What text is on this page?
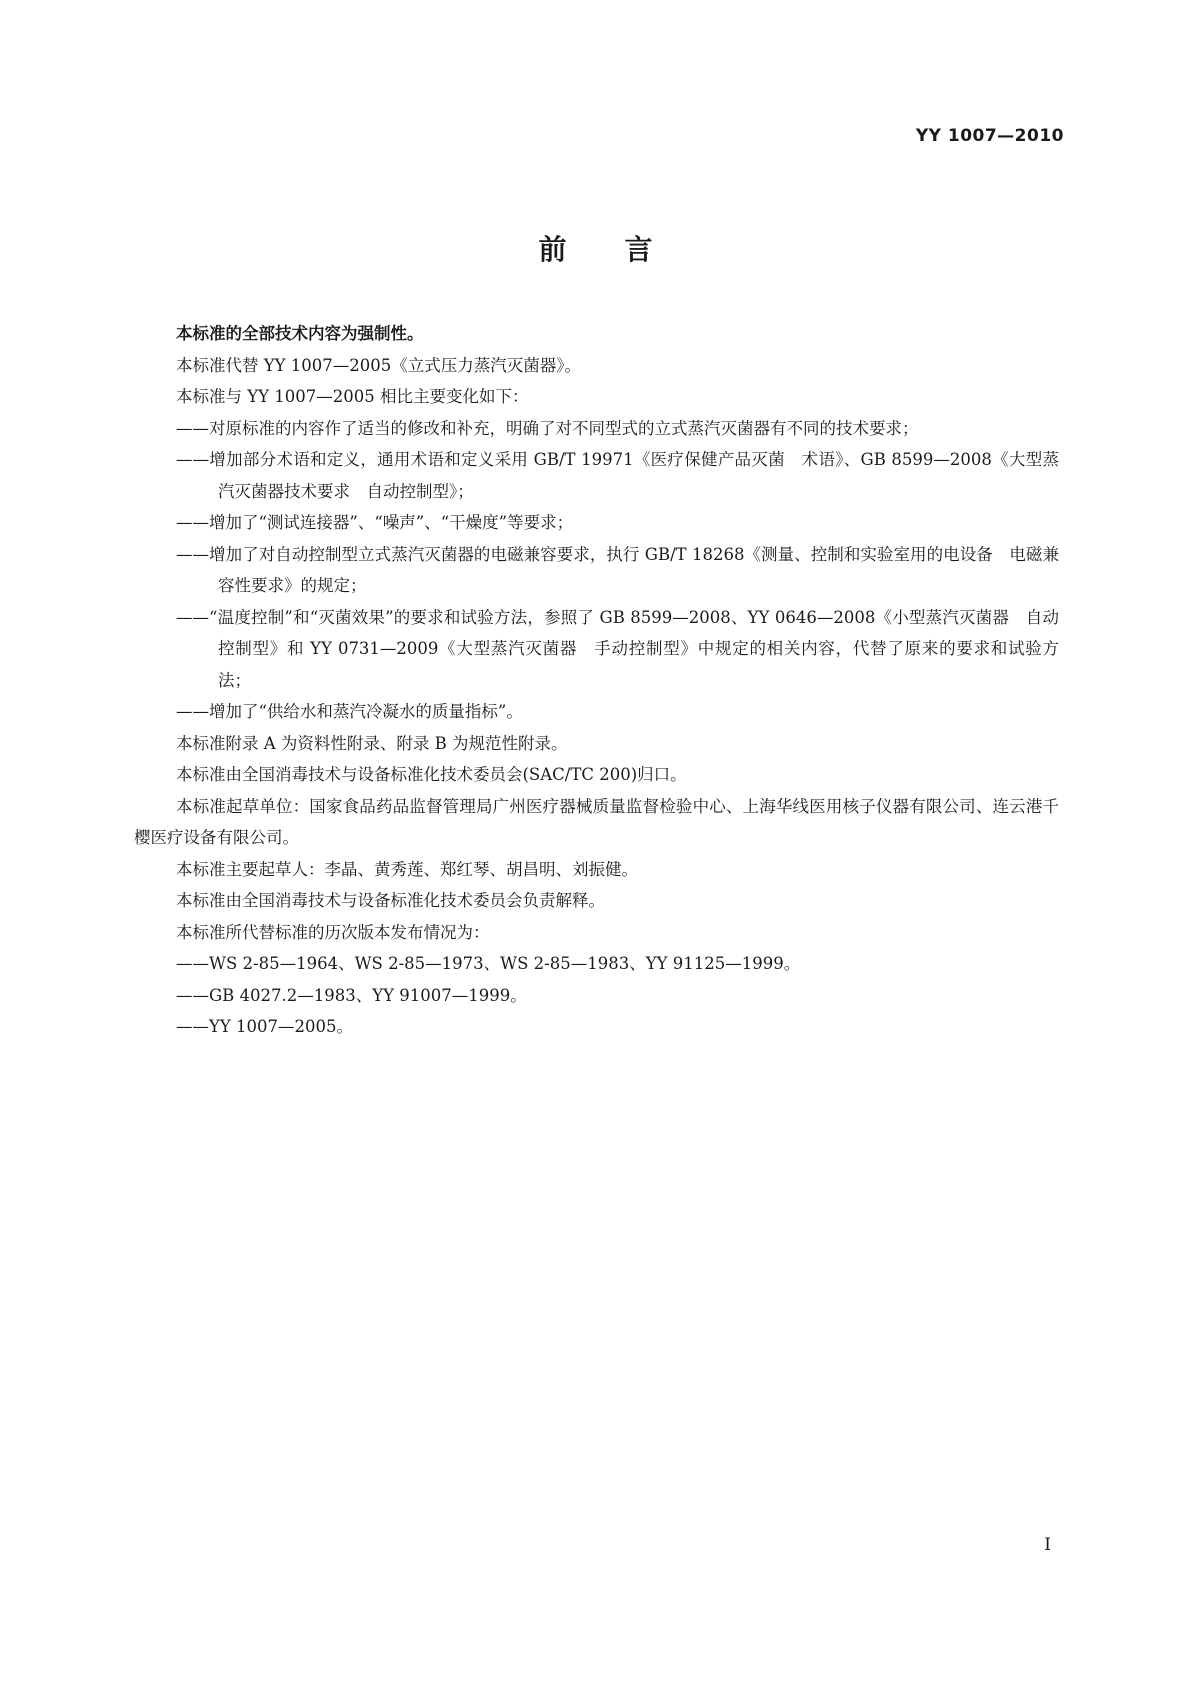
YY 1007—2010
前言

本标准的全部技术内容为强制性。

本标准代替 YY 1007—2005《立式压力蒸汽灭菌器》。

本标准与 YY 1007—2005 相比主要变化如下：

——对原标准的内容作了适当的修改和补充，明确了对不同型式的立式蒸汽灭菌器有不同的技术要求；

——增加部分术语和定义，通用术语和定义采用 GB/T 19971《医疗保健产品灭菌　术语》、GB 8599—2008《大型蒸汽灭菌器技术要求　自动控制型》；

——增加了“测试连接器”、“噪声”、“干燥度”等要求；

——增加了对自动控制型立式蒸汽灭菌器的电磁兼容要求，执行 GB/T 18268《测量、控制和实验室用的电设备　电磁兼容性要求》的规定；

——“温度控制”和“灭菌效果”的要求和试验方法，参照了 GB 8599—2008、YY 0646—2008《小型蒸汽灭菌器　自动控制型》和 YY 0731—2009《大型蒸汽灭菌器　手动控制型》中规定的相关内容，代替了原来的要求和试验方法；

——增加了“供给水和蒸汽冷凝水的质量指标”。

本标准附录 A 为资料性附录、附录 B 为规范性附录。

本标准由全国消毒技术与设备标准化技术委员会(SAC/TC 200)归口。

本标准起草单位：国家食品药品监督管理局广州医疗器械质量监督检验中心、上海华线医用核子仪器有限公司、连云港千樱医疗设备有限公司。

本标准主要起草人：李晶、黄秀莲、郑红琴、胡昌明、刘振健。

本标准由全国消毒技术与设备标准化技术委员会负责解释。

本标准所代替标准的历次版本发布情况为：

——WS 2-85—1964、WS 2-85—1973、WS 2-85—1983、YY 91125—1999。

——GB 4027.2—1983、YY 91007—1999。

——YY 1007—2005。

I
